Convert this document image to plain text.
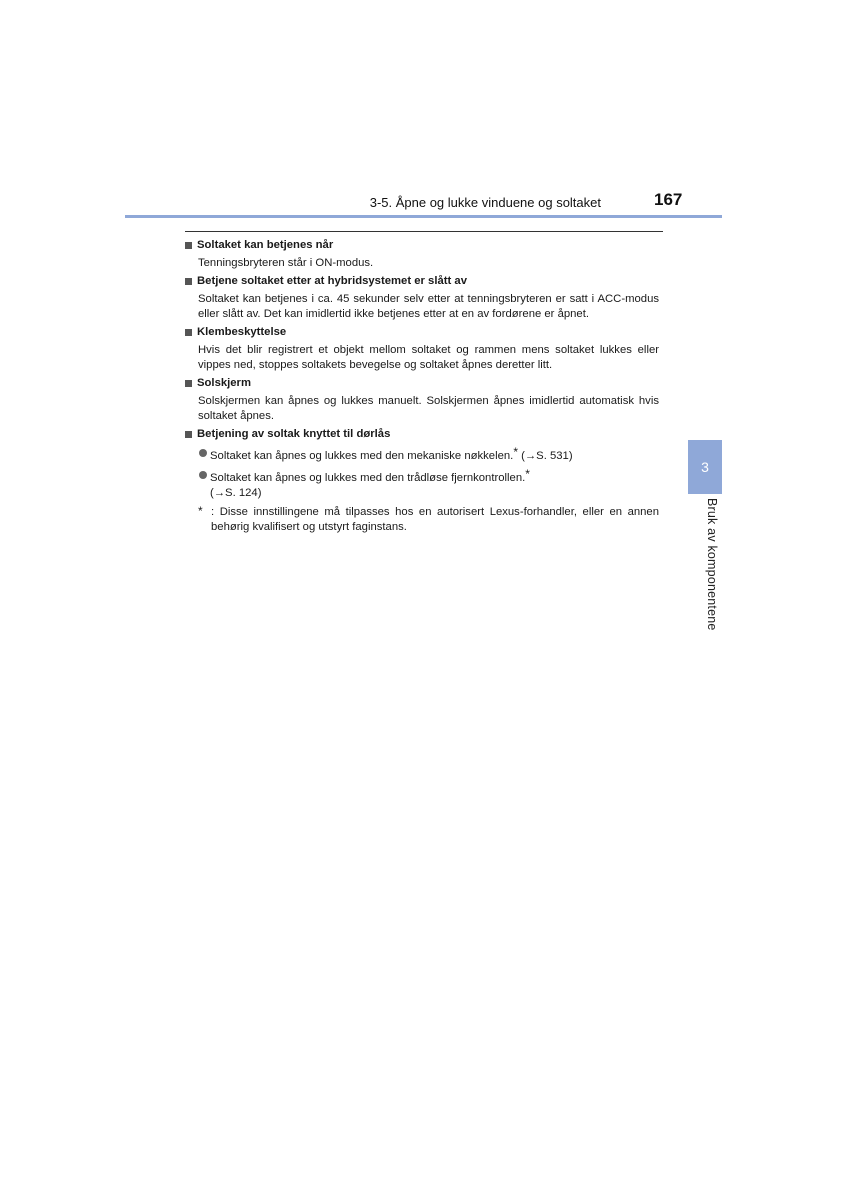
3-5. Åpne og lukke vinduene og soltaket	167
Soltaket kan betjenes når
Tenningsbryteren står i ON-modus.
Betjene soltaket etter at hybridsystemet er slått av
Soltaket kan betjenes i ca. 45 sekunder selv etter at tenningsbryteren er satt i ACC-modus eller slått av. Det kan imidlertid ikke betjenes etter at en av fordørene er åpnet.
Klembeskyttelse
Hvis det blir registrert et objekt mellom soltaket og rammen mens soltaket lukkes eller vippes ned, stoppes soltakets bevegelse og soltaket åpnes deretter litt.
Solskjerm
Solskjermen kan åpnes og lukkes manuelt. Solskjermen åpnes imidlertid automatisk hvis soltaket åpnes.
Betjening av soltak knyttet til dørlås
Soltaket kan åpnes og lukkes med den mekaniske nøkkelen.* (→S. 531)
Soltaket kan åpnes og lukkes med den trådløse fjernkontrollen.*
(→S. 124)
* : Disse innstillingene må tilpasses hos en autorisert Lexus-forhandler, eller en annen behørig kvalifisert og utstyrt faginstans.
3
Bruk av komponentene
